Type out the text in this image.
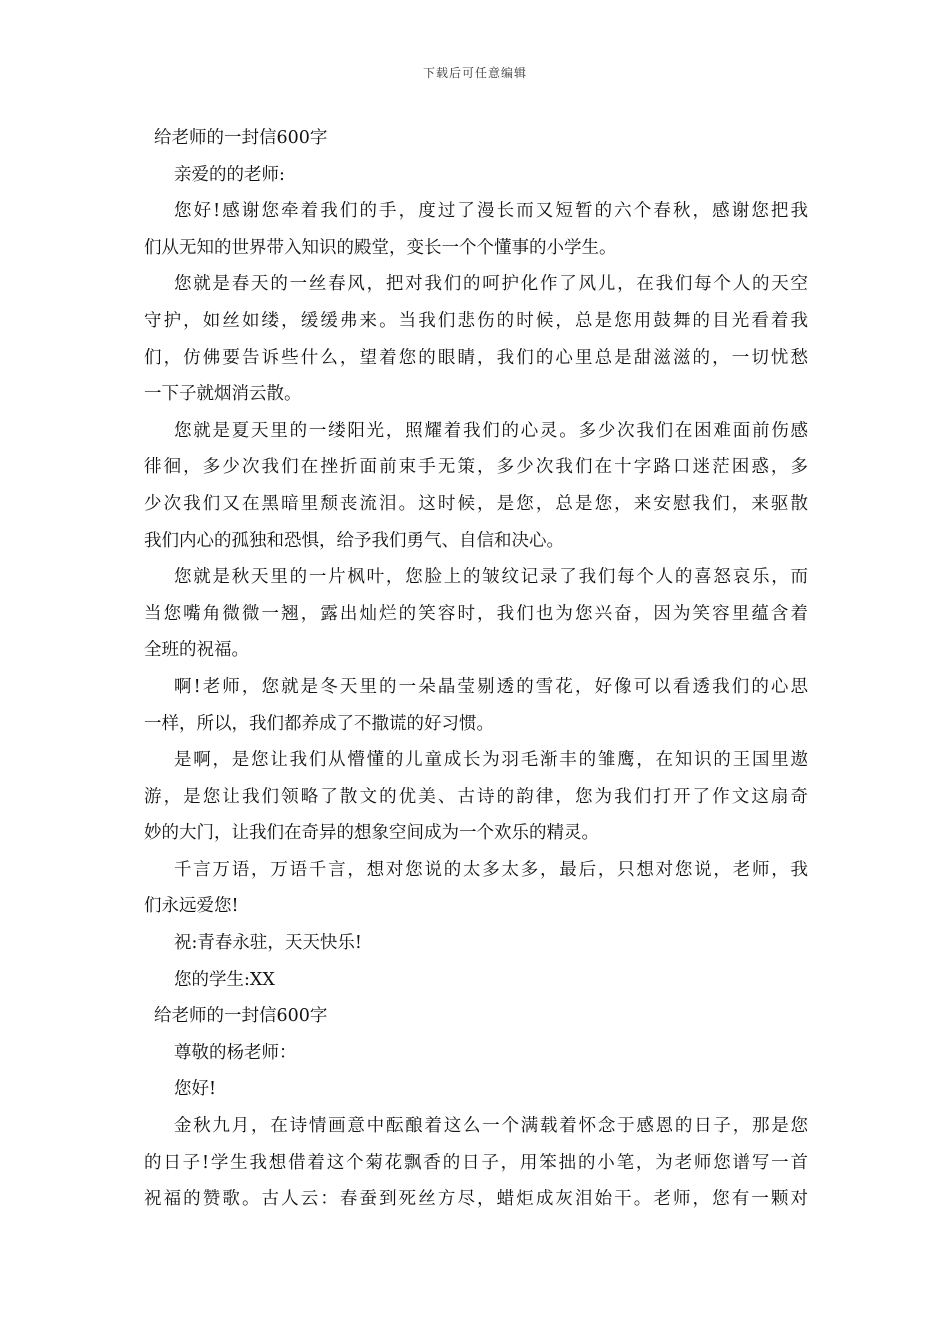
下载后可任意编辑
给老师的一封信600字
亲爱的的老师:
您好!感谢您牵着我们的手，度过了漫长而又短暂的六个春秋，感谢您把我
们从无知的世界带入知识的殿堂，变长一个个懂事的小学生。
您就是春天的一丝春风，把对我们的呵护化作了风儿，在我们每个人的天空
守护，如丝如缕，缓缓弗来。当我们悲伤的时候，总是您用鼓舞的目光看着我
们，仿佛要告诉些什么，望着您的眼睛，我们的心里总是甜滋滋的，一切忧愁
一下子就烟消云散。
您就是夏天里的一缕阳光，照耀着我们的心灵。多少次我们在困难面前伤感
徘徊，多少次我们在挫折面前束手无策，多少次我们在十字路口迷茫困惑，多
少次我们又在黑暗里颓丧流泪。这时候，是您，总是您，来安慰我们，来驱散
我们内心的孤独和恐惧，给予我们勇气、自信和决心。
您就是秋天里的一片枫叶，您脸上的皱纹记录了我们每个人的喜怒哀乐，而
当您嘴角微微一翘，露出灿烂的笑容时，我们也为您兴奋，因为笑容里蕴含着
全班的祝福。
啊!老师，您就是冬天里的一朵晶莹剔透的雪花，好像可以看透我们的心思
一样，所以，我们都养成了不撒谎的好习惯。
是啊，是您让我们从懵懂的儿童成长为羽毛渐丰的雏鹰，在知识的王国里遨
游，是您让我们领略了散文的优美、古诗的韵律，您为我们打开了作文这扇奇
妙的大门，让我们在奇异的想象空间成为一个欢乐的精灵。
千言万语，万语千言，想对您说的太多太多，最后，只想对您说，老师，我
们永远爱您!
祝:青春永驻，天天快乐!
您的学生:XX
给老师的一封信600字
尊敬的杨老师：
您好!
金秋九月，在诗情画意中酝酿着这么一个满载着怀念于感恩的日子，那是您
的日子!学生我想借着这个菊花飘香的日子，用笨拙的小笔，为老师您谱写一首
祝福的赞歌。古人云：春蚕到死丝方尽，蜡炬成灰泪始干。老师，您有一颗对
